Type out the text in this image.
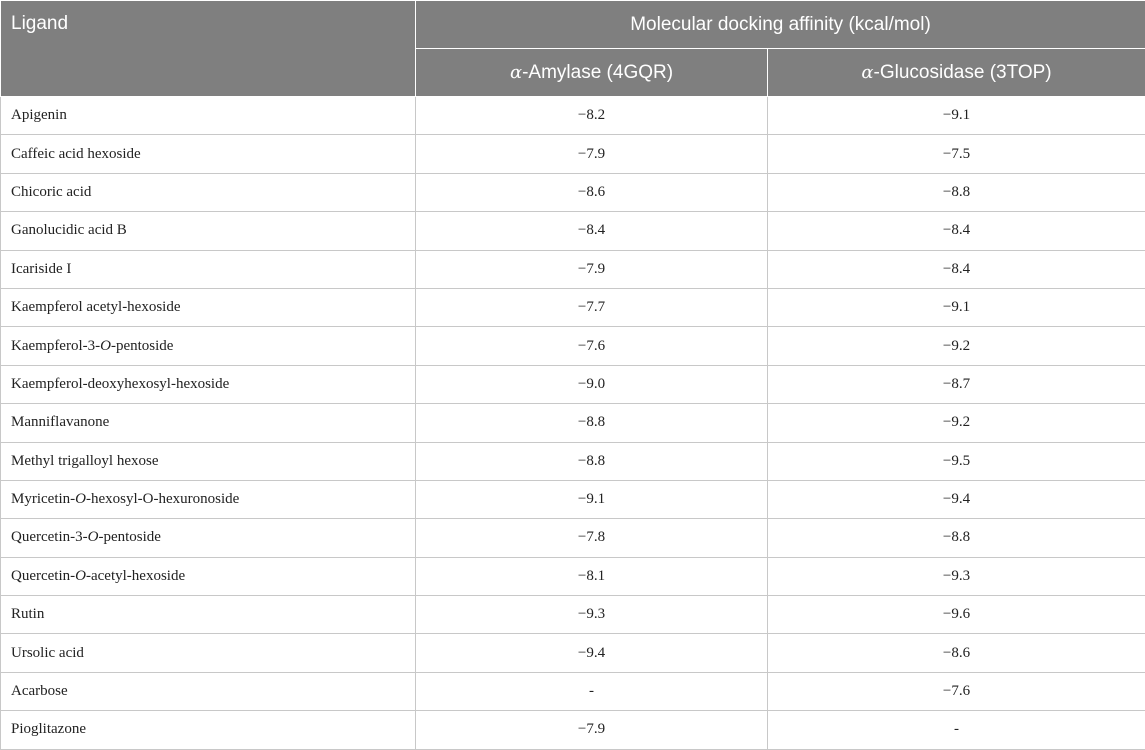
Ligand	Molecular docking affinity (kcal/mol)	
	α-Amylase (4GQR)	α-Glucosidase (3TOP)
Apigenin	−8.2	−9.1
Caffeic acid hexoside	−7.9	−7.5
Chicoric acid	−8.6	−8.8
Ganolucidic acid B	−8.4	−8.4
Icariside I	−7.9	−8.4
Kaempferol acetyl-hexoside	−7.7	−9.1
Kaempferol-3-O-pentoside	−7.6	−9.2
Kaempferol-deoxyhexosyl-hexoside	−9.0	−8.7
Manniflavanone	−8.8	−9.2
Methyl trigalloyl hexose	−8.8	−9.5
Myricetin-O-hexosyl-O-hexuronoside	−9.1	−9.4
Quercetin-3-O-pentoside	−7.8	−8.8
Quercetin-O-acetyl-hexoside	−8.1	−9.3
Rutin	−9.3	−9.6
Ursolic acid	−9.4	−8.6
Acarbose	-	−7.6
Pioglitazone	−7.9	-
